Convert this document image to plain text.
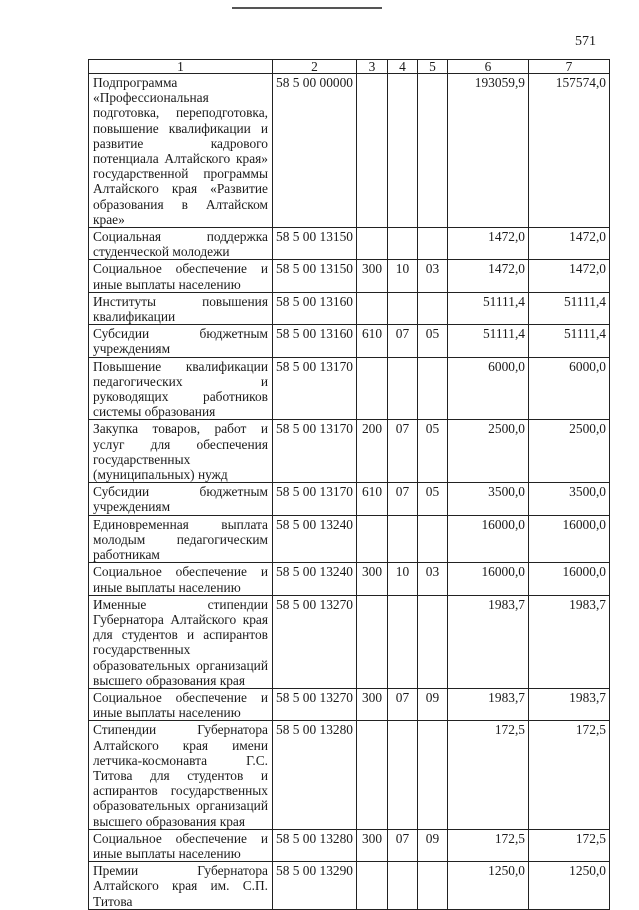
571
1	2	3	4	5	6	7
Подпрограмма «Профессиональная подготовка, переподготовка, повышение квалификации и развитие кадрового потенциала Алтайского края» государственной программы Алтайского края «Развитие образования в Алтайском крае»	58 5 00 00000				193059,9	157574,0
Социальная поддержка студенческой молодежи	58 5 00 13150				1472,0	1472,0
Социальное обеспечение и иные выплаты населению	58 5 00 13150	300	10	03	1472,0	1472,0
Институты повышения квалификации	58 5 00 13160				51111,4	51111,4
Субсидии бюджетным учреждениям	58 5 00 13160	610	07	05	51111,4	51111,4
Повышение квалификации педагогических и руководящих работников системы образования	58 5 00 13170				6000,0	6000,0
Закупка товаров, работ и услуг для обеспечения государственных (муниципальных) нужд	58 5 00 13170	200	07	05	2500,0	2500,0
Субсидии бюджетным учреждениям	58 5 00 13170	610	07	05	3500,0	3500,0
Единовременная выплата молодым педагогическим работникам	58 5 00 13240				16000,0	16000,0
Социальное обеспечение и иные выплаты населению	58 5 00 13240	300	10	03	16000,0	16000,0
Именные стипендии Губернатора Алтайского края для студентов и аспирантов государственных образовательных организаций высшего образования края	58 5 00 13270				1983,7	1983,7
Социальное обеспечение и иные выплаты населению	58 5 00 13270	300	07	09	1983,7	1983,7
Стипендии Губернатора Алтайского края имени летчика-космонавта Г.С. Титова для студентов и аспирантов государственных образовательных организаций высшего образования края	58 5 00 13280				172,5	172,5
Социальное обеспечение и иные выплаты населению	58 5 00 13280	300	07	09	172,5	172,5
Премии Губернатора Алтайского края им. С.П. Титова	58 5 00 13290				1250,0	1250,0
